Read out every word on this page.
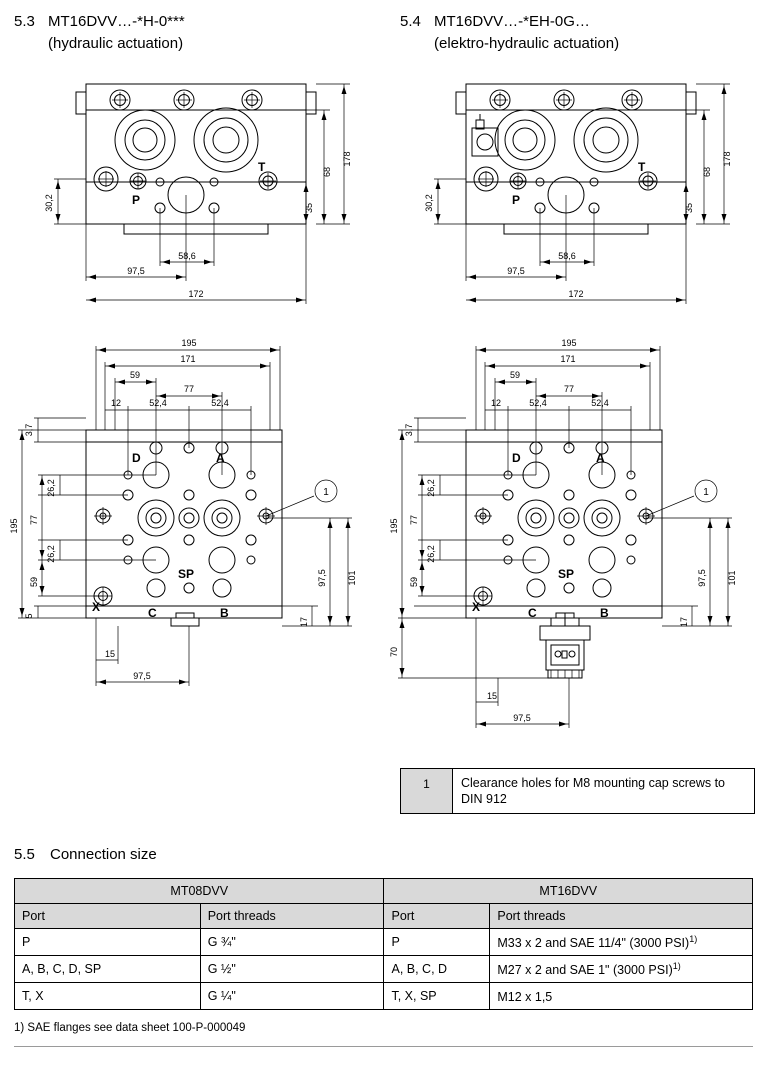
5.3 MT16DVV…-*H-0***
(hydraulic actuation)
5.4 MT16DVV…-*EH-0G…
(elektro-hydraulic actuation)
178
68
35
30,2
58,6
97,5
172
T
P
178
68
35
30,2
58,6
97,5
172
T
P
195
171
59
77
12	52,4	52,4
3,7
26,2
26,2
195 77
59
5
15
97,5
97,5 101
17
1
D	A
SP
X	C	B
195
171
59
77
12	52,4	52,4
3,7
26,2
26,2
195 77
59
15
97,5
97,5 101
17
70
1
D	A
SP
X	C	B
1	Clearance holes for M8 mounting cap screws to DIN 912
5.5 Connection size
MT08DVV		MT16DVV	
Port	Port threads	Port	Port threads
P	G ¾"	P	M33 x 2 and SAE 11/4" (3000 PSI)$^{1)}$
A, B, C, D, SP	G ½"	A, B, C, D	M27 x 2 and SAE 1" (3000 PSI)$^{1)}$
T, X	G ¼"	T, X, SP	M12 x 1,5
1) SAE flanges see data sheet 100-P-000049
